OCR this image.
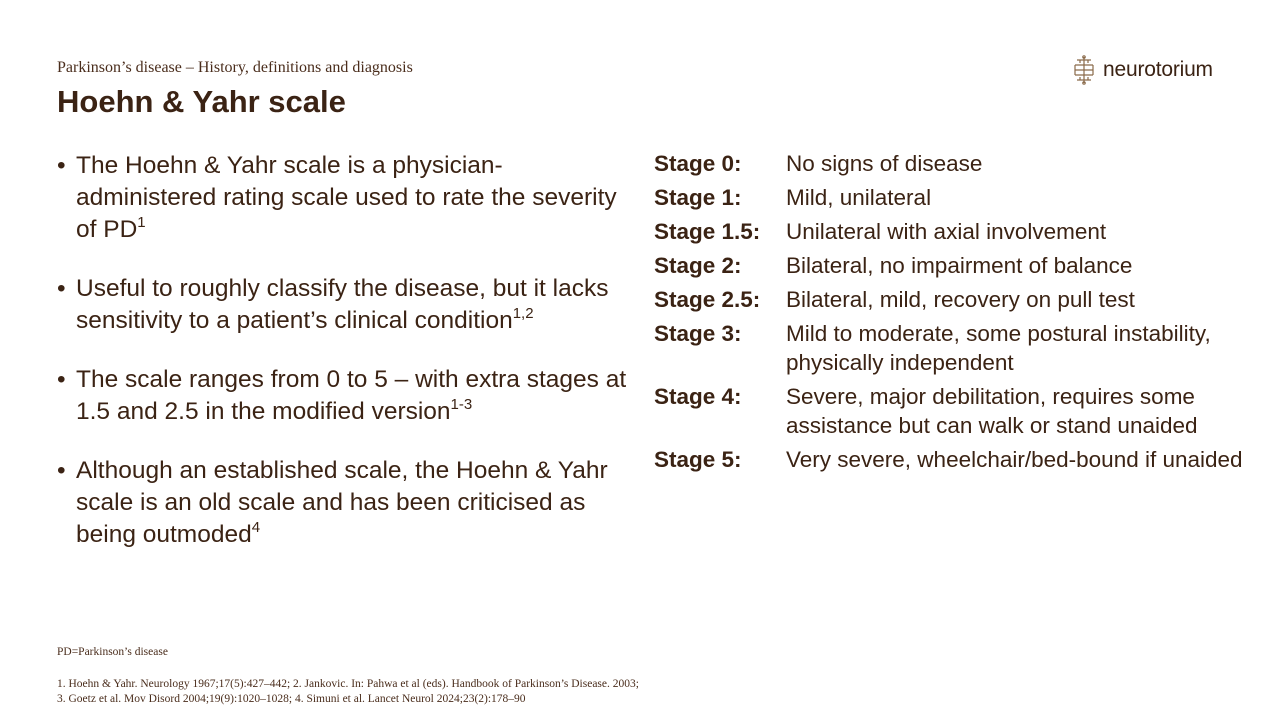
Parkinson’s disease – History, definitions and diagnosis
Hoehn & Yahr scale
neurotorium
• The Hoehn & Yahr scale is a physician-administered rating scale used to rate the severity of $PD^1$
• Useful to roughly classify the disease, but it lacks sensitivity to a patient’s clinical condition$^{1,2}$
• The scale ranges from 0 to 5 – with extra stages at 1.5 and 2.5 in the modified version$^{1-3}$
• Although an established scale, the Hoehn & Yahr scale is an old scale and has been criticised as being outmoded$^4$
Stage 0:	No signs of disease
Stage 1:	Mild, unilateral
Stage 1.5:	Unilateral with axial involvement
Stage 2:	Bilateral, no impairment of balance
Stage 2.5:	Bilateral, mild, recovery on pull test
Stage 3:	Mild to moderate, some postural instability, physically independent
Stage 4:	Severe, major debilitation, requires some assistance but can walk or stand unaided
Stage 5:	Very severe, wheelchair/bed-bound if unaided
PD=Parkinson’s disease
1. Hoehn & Yahr. Neurology 1967;17(5):427–442; 2. Jankovic. In: Pahwa et al (eds). Handbook of Parkinson’s Disease. 2003;
3. Goetz et al. Mov Disord 2004;19(9):1020–1028; 4. Simuni et al. Lancet Neurol 2024;23(2):178–90
